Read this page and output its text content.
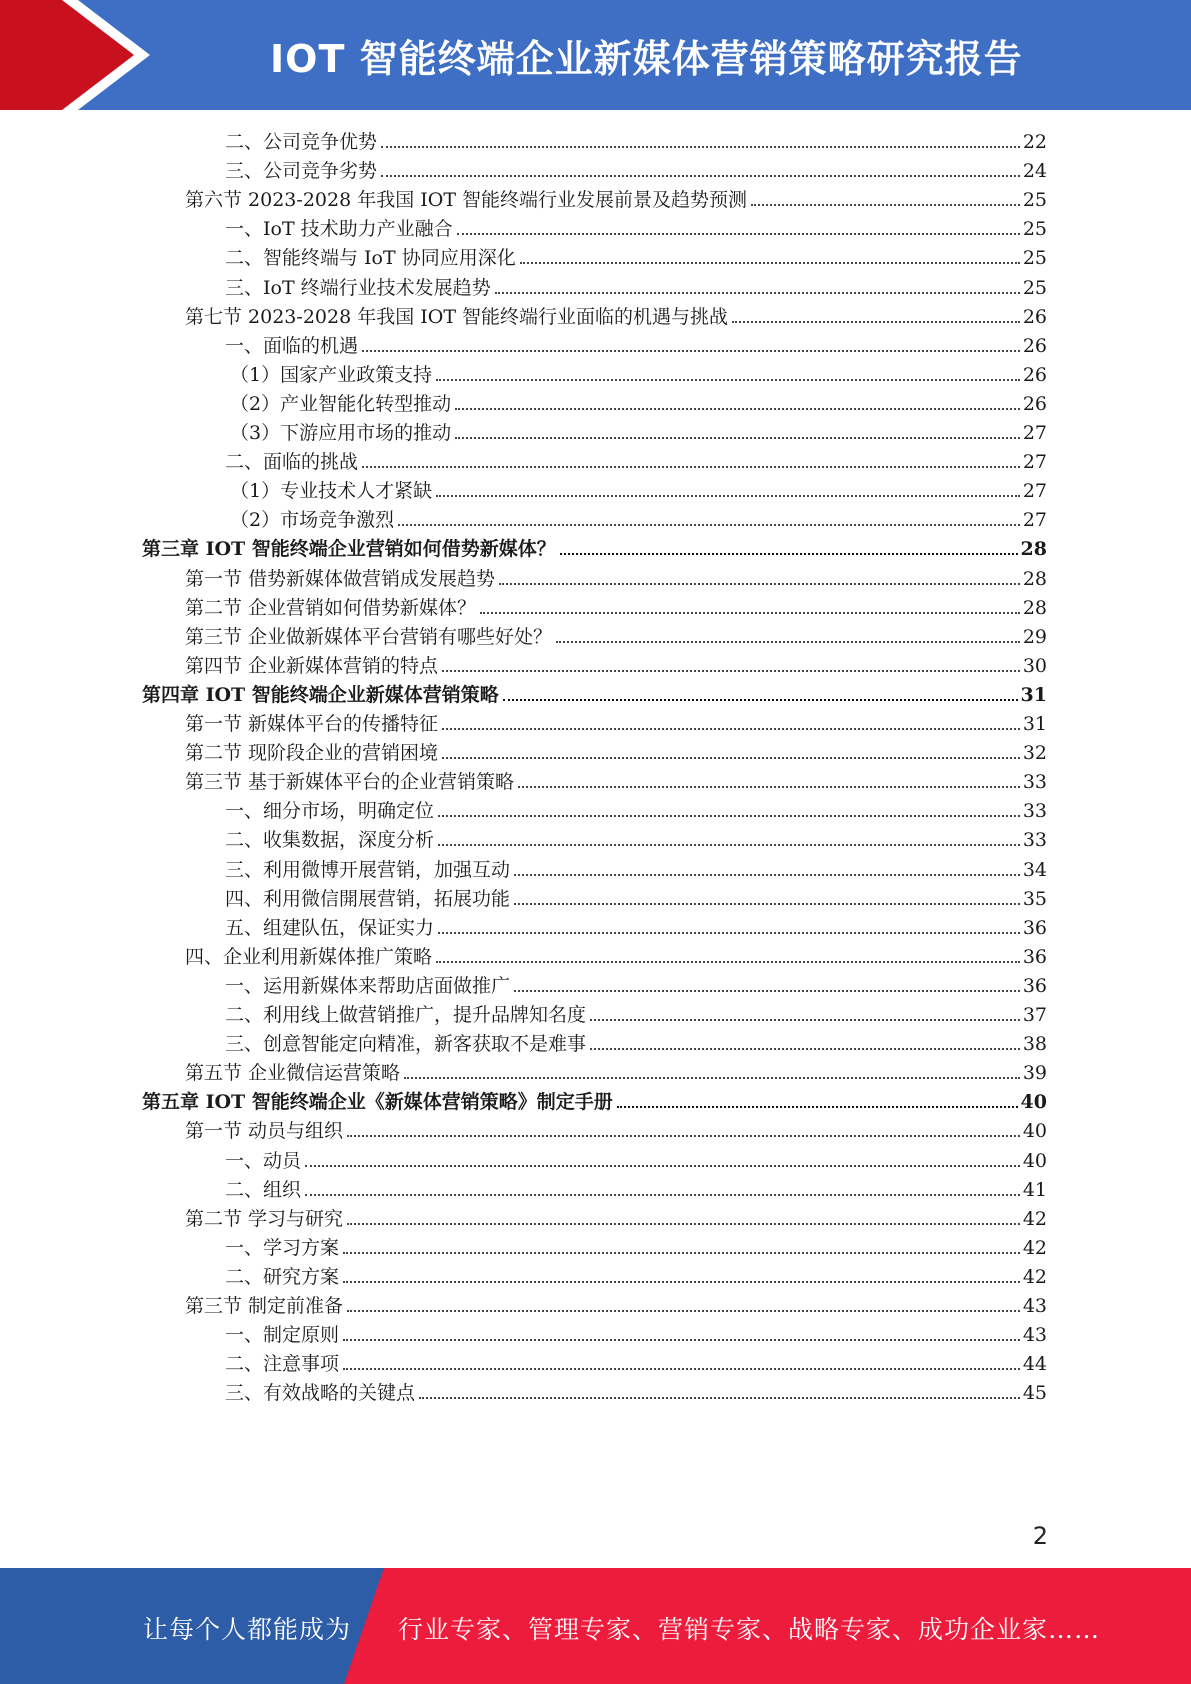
IOT 智能终端企业新媒体营销策略研究报告
二、公司竞争优势	22
三、公司竞争劣势	24
第六节 2023-2028 年我国 IOT 智能终端行业发展前景及趋势预测	25
一、IoT 技术助力产业融合	25
二、智能终端与 IoT 协同应用深化	25
三、IoT 终端行业技术发展趋势	25
第七节 2023-2028 年我国 IOT 智能终端行业面临的机遇与挑战	26
一、面临的机遇	26
（1）国家产业政策支持	26
（2）产业智能化转型推动	26
（3）下游应用市场的推动	27
二、面临的挑战	27
（1）专业技术人才紧缺	27
（2）市场竞争激烈	27
第三章 IOT 智能终端企业营销如何借势新媒体？	28
第一节 借势新媒体做营销成发展趋势	28
第二节 企业营销如何借势新媒体？	28
第三节 企业做新媒体平台营销有哪些好处？	29
第四节 企业新媒体营销的特点	30
第四章 IOT 智能终端企业新媒体营销策略	31
第一节 新媒体平台的传播特征	31
第二节 现阶段企业的营销困境	32
第三节 基于新媒体平台的企业营销策略	33
一、细分市场，明确定位	33
二、收集数据，深度分析	33
三、利用微博开展营销，加强互动	34
四、利用微信開展营销，拓展功能	35
五、组建队伍，保证实力	36
四、企业利用新媒体推广策略	36
一、运用新媒体来帮助店面做推广	36
二、利用线上做营销推广，提升品牌知名度	37
三、创意智能定向精准，新客获取不是难事	38
第五节 企业微信运营策略	39
第五章 IOT 智能终端企业《新媒体营销策略》制定手册	40
第一节 动员与组织	40
一、动员	40
二、组织	41
第二节 学习与研究	42
一、学习方案	42
二、研究方案	42
第三节 制定前准备	43
一、制定原则	43
二、注意事项	44
三、有效战略的关键点	45
2
让每个人都能成为 行业专家、管理专家、营销专家、战略专家、成功企业家……
